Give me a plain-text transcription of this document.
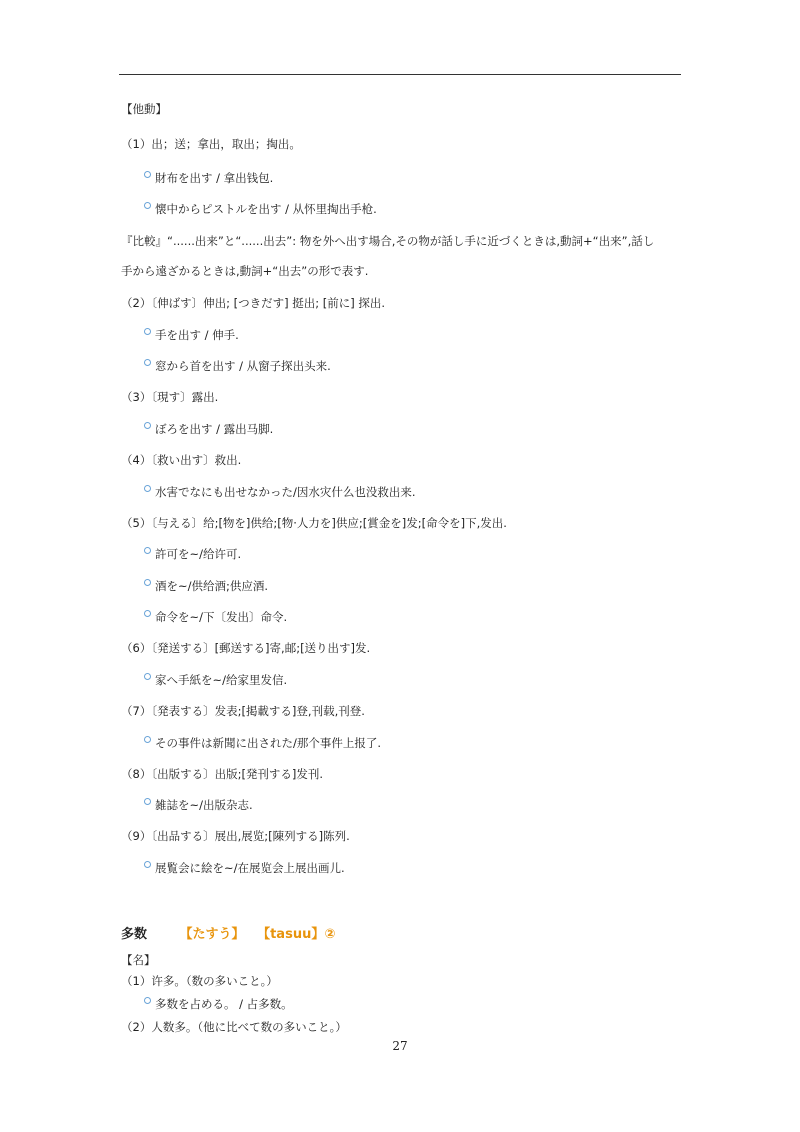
【他動】
（1）出；送；拿出，取出；掏出。
財布を出す / 拿出钱包.
懐中からピストルを出す / 从怀里掏出手枪.
『比較』“......出来”と“......出去”: 物を外へ出す場合,その物が話し手に近づくときは,動詞+“出来”,話し
手から遠ざかるときは,動詞+“出去”の形で表す.
（2）〔伸ばす〕伸出; [つきだす] 挺出; [前に] 探出.
手を出す / 伸手.
窓から首を出す / 从窗子探出头来.
（3）〔現す〕露出.
ぼろを出す / 露出马脚.
（4）〔救い出す〕救出.
水害でなにも出せなかった/因水灾什么也没救出来.
（5）〔与える〕给;[物を]供给;[物·人力を]供应;[賞金を]发;[命令を]下,发出.
許可を~/给许可.
酒を~/供给酒;供应酒.
命令を~/下〔发出〕命令.
（6）〔発送する〕[郵送する]寄,邮;[送り出す]发.
家へ手紙を~/给家里发信.
（7）〔発表する〕发表;[掲載する]登,刊载,刊登.
その事件は新聞に出された/那个事件上报了.
（8）〔出版する〕出版;[発刊する]发刊.
雑誌を~/出版杂志.
（9）〔出品する〕展出,展览;[陳列する]陈列.
展覧会に絵を~/在展览会上展出画儿.
【名】
（1）许多。（数の多いこと。）
多数を占める。 / 占多数。
（2）人数多。（他に比べて数の多いこと。）
多数	【たすう】 【tasuu】②
27
